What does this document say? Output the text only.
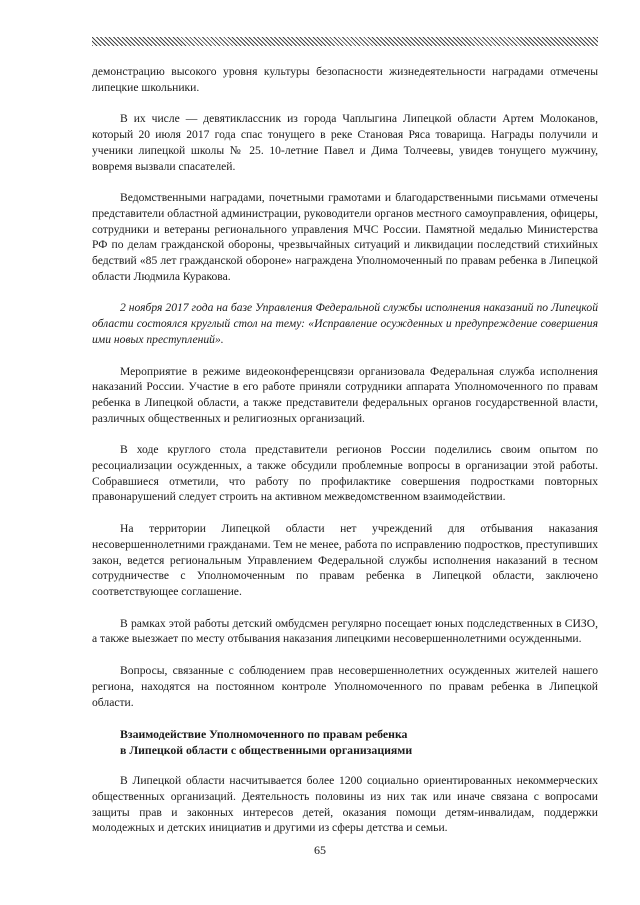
демонстрацию высокого уровня культуры безопасности жизнедеятельности наградами отмечены липецкие школьники.

В их числе — девятиклассник из города Чаплыгина Липецкой области Артем Молоканов, который 20 июля 2017 года спас тонущего в реке Становая Ряса товарища. Награды получили и ученики липецкой школы № 25. 10-летние Павел и Дима Толчеевы, увидев тонущего мужчину, вовремя вызвали спасателей.

Ведомственными наградами, почетными грамотами и благодарственными письмами отмечены представители областной администрации, руководители органов местного самоуправления, офицеры, сотрудники и ветераны регионального управления МЧС России. Памятной медалью Министерства РФ по делам гражданской обороны, чрезвычайных ситуаций и ликвидации последствий стихийных бедствий «85 лет гражданской обороне» награждена Уполномоченный по правам ребенка в Липецкой области Людмила Куракова.

2 ноября 2017 года на базе Управления Федеральной службы исполнения наказаний по Липецкой области состоялся круглый стол на тему: «Исправление осужденных и предупреждение совершения ими новых преступлений».

Мероприятие в режиме видеоконференцсвязи организовала Федеральная служба исполнения наказаний России. Участие в его работе приняли сотрудники аппарата Уполномоченного по правам ребенка в Липецкой области, а также представители федеральных органов государственной власти, различных общественных и религиозных организаций.

В ходе круглого стола представители регионов России поделились своим опытом по ресоциализации осужденных, а также обсудили проблемные вопросы в организации этой работы. Собравшиеся отметили, что работу по профилактике совершения подростками повторных правонарушений следует строить на активном межведомственном взаимодействии.

На территории Липецкой области нет учреждений для отбывания наказания несовершеннолетними гражданами. Тем не менее, работа по исправлению подростков, преступивших закон, ведется региональным Управлением Федеральной службы исполнения наказаний в тесном сотрудничестве с Уполномоченным по правам ребенка в Липецкой области, заключено соответствующее соглашение.

В рамках этой работы детский омбудсмен регулярно посещает юных подследственных в СИЗО, а также выезжает по месту отбывания наказания липецкими несовершеннолетними осужденными.

Вопросы, связанные с соблюдением прав несовершеннолетних осужденных жителей нашего региона, находятся на постоянном контроле Уполномоченного по правам ребенка в Липецкой области.

Взаимодействие Уполномоченного по правам ребенка
в Липецкой области с общественными организациями

В Липецкой области насчитывается более 1200 социально ориентированных некоммерческих общественных организаций. Деятельность половины из них так или иначе связана с вопросами защиты прав и законных интересов детей, оказания помощи детям-инвалидам, поддержки молодежных и детских инициатив и другими из сферы детства и семьи.

65
